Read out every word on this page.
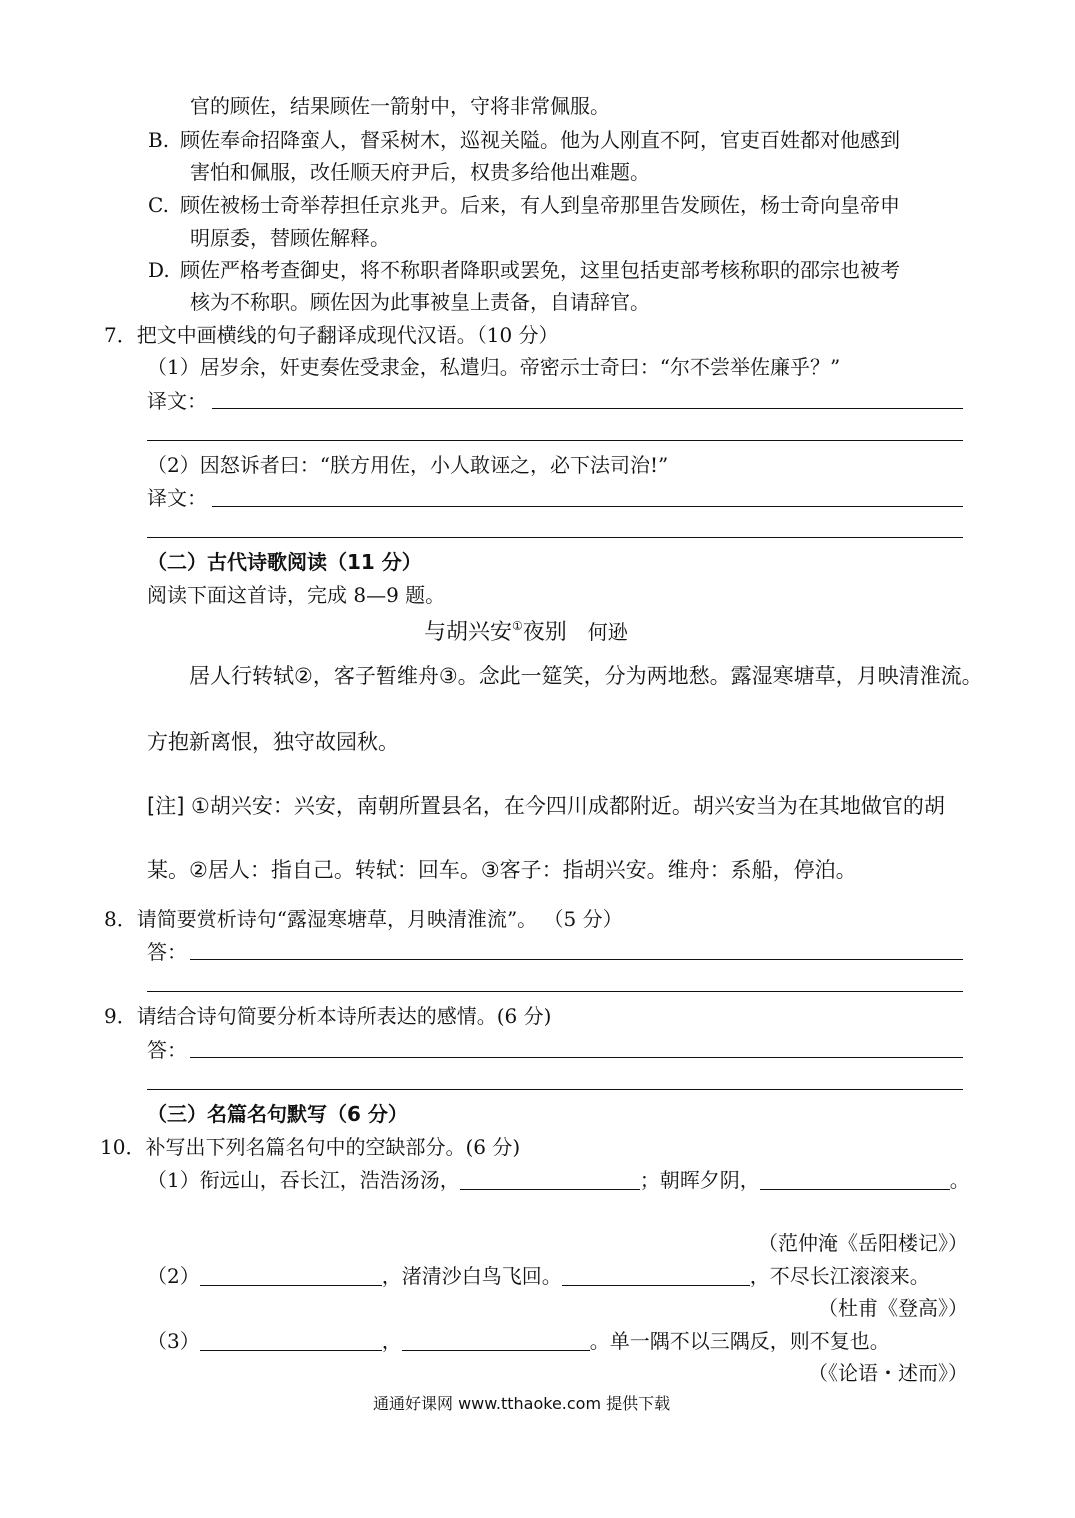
官的顾佐，结果顾佐一箭射中，守将非常佩服。
B. 顾佐奉命招降蛮人，督采树木，巡视关隘。他为人刚直不阿，官吏百姓都对他感到
害怕和佩服，改任顺天府尹后，权贵多给他出难题。
C. 顾佐被杨士奇举荐担任京兆尹。后来，有人到皇帝那里告发顾佐，杨士奇向皇帝申
明原委，替顾佐解释。
D. 顾佐严格考查御史，将不称职者降职或罢免，这里包括吏部考核称职的邵宗也被考
核为不称职。顾佐因为此事被皇上责备，自请辞官。
7．把文中画横线的句子翻译成现代汉语。（10 分）
（1）居岁余，奸吏奏佐受隶金，私遣归。帝密示士奇曰：“尔不尝举佐廉乎？”
译文：
（2）因怒诉者曰：“朕方用佐，小人敢诬之，必下法司治!”
译文：
（二）古代诗歌阅读（11 分）
阅读下面这首诗，完成 8—9 题。
与胡兴安①夜别 何逊
居人行转轼②，客子暂维舟③。念此一筵笑，分为两地愁。露湿寒塘草，月映清淮流。
方抱新离恨，独守故园秋。
[注] ①胡兴安：兴安，南朝所置县名，在今四川成都附近。胡兴安当为在其地做官的胡
某。②居人：指自己。转轼：回车。③客子：指胡兴安。维舟：系船，停泊。
8．请简要赏析诗句“露湿寒塘草，月映清淮流”。 （5 分）
答：
9．请结合诗句简要分析本诗所表达的感情。(6 分)
答：
（三）名篇名句默写（6 分）
10．补写出下列名篇名句中的空缺部分。(6 分)
（1）衔远山，吞长江，浩浩汤汤，	；朝晖夕阴，	。
（范仲淹《岳阳楼记》）
（2）	，渚清沙白鸟飞回。	，不尽长江滚滚来。
（杜甫《登高》）
（3）	，	。单一隅不以三隅反，则不复也。
（《论语・述而》）
通通好课网 www.tthaoke.com 提供下载
